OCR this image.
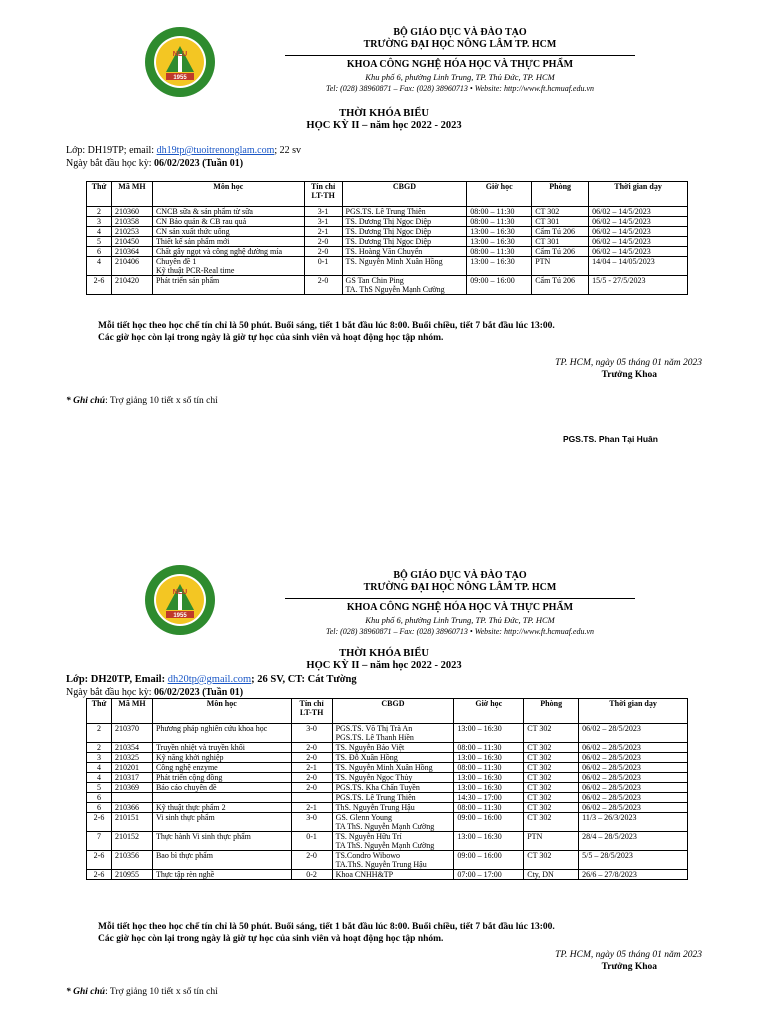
NLU
1955
BỘ GIÁO DỤC VÀ ĐÀO TẠO
TRƯỜNG ĐẠI HỌC NÔNG LÂM TP. HCM
KHOA CÔNG NGHỆ HÓA HỌC VÀ THỰC PHẨM
Khu phố 6, phường Linh Trung, TP. Thủ Đức, TP. HCM
Tel: (028) 38960871 – Fax: (028) 38960713 • Website: http://www.ft.hcmuaf.edu.vn
THỜI KHÓA BIỂU
HỌC KỲ II – năm học 2022 - 2023
Lớp: DH19TP; email: dh19tp@tuoitrenonglam.com; 22 sv
Ngày bắt đầu học kỳ: 06/02/2023 (Tuần 01)
Thứ	Mã MH	Môn học	Tín chỉ LT-TH	CBGD	Giờ học	Phòng	Thời gian dạy
2	210360	CNCB sữa & sản phẩm từ sữa	3-1	PGS.TS. Lê Trung Thiên	08:00 – 11:30	CT 302	06/02 – 14/5/2023
3	210358	CN Bảo quản & CB rau quả	3-1	TS. Dương Thị Ngọc Diệp	08:00 – 11:30	CT 301	06/02 – 14/5/2023
4	210253	CN sản xuất thức uống	2-1	TS. Dương Thị Ngọc Diệp	13:00 – 16:30	Cẩm Tú 206	06/02 – 14/5/2023
5	210450	Thiết kế sản phẩm mới	2-0	TS. Dương Thị Ngọc Diệp	13:00 – 16:30	CT 301	06/02 – 14/5/2023
6	210364	Chất gây ngọt và công nghệ đường mía	2-0	TS. Hoàng Văn Chuyển	08:00 – 11:30	Cẩm Tú 206	06/02 – 14/5/2023
4	210406	Chuyên đề 1
Kỹ thuật PCR-Real time	0-1	TS. Nguyễn Minh Xuân Hồng	13:00 – 16:30	PTN	14/04 – 14/05/2023
2-6	210420	Phát triển sản phẩm	2-0	GS Tan Chin Ping
TA. ThS Nguyễn Mạnh Cường	09:00 – 16:00	Cẩm Tú 206	15/5 - 27/5/2023
Mỗi tiết học theo học chế tín chỉ là 50 phút. Buổi sáng, tiết 1 bắt đầu lúc 8:00. Buổi chiều, tiết 7 bắt đầu lúc 13:00.
Các giờ học còn lại trong ngày là giờ tự học của sinh viên và hoạt động học tập nhóm.
TP. HCM, ngày 05 tháng 01 năm 2023
Trưởng Khoa
* Ghi chú: Trợ giảng 10 tiết x số tín chỉ
PGS.TS. Phan Tại Huân
NLU
1955
BỘ GIÁO DỤC VÀ ĐÀO TẠO
TRƯỜNG ĐẠI HỌC NÔNG LÂM TP. HCM
KHOA CÔNG NGHỆ HÓA HỌC VÀ THỰC PHẨM
Khu phố 6, phường Linh Trung, TP. Thủ Đức, TP. HCM
Tel: (028) 38960871 – Fax: (028) 38960713 • Website: http://www.ft.hcmuaf.edu.vn
THỜI KHÓA BIỂU
HỌC KỲ II – năm học 2022 - 2023
Lớp: DH20TP, Email: dh20tp@gmail.com; 26 SV, CT: Cát Tường
Ngày bắt đầu học kỳ: 06/02/2023 (Tuần 01)
Thứ	Mã MH	Môn học	Tín chỉ LT-TH	CBGD	Giờ học	Phòng	Thời gian dạy
2	210370	Phương pháp nghiên cứu khoa học	3-0	PGS.TS. Võ Thị Trà An
PGS.TS. Lê Thanh Hiền	13:00 – 16:30	CT 302	06/02 – 28/5/2023
2	210354	Truyền nhiệt và truyền khối	2-0	TS. Nguyễn Bảo Việt	08:00 – 11:30	CT 302	06/02 – 28/5/2023
3	210325	Kỹ năng khởi nghiệp	2-0	TS. Đỗ Xuân Hồng	13:00 – 16:30	CT 302	06/02 – 28/5/2023
4	210201	Công nghệ enzyme	2-1	TS. Nguyễn Minh Xuân Hồng	08:00 – 11:30	CT 302	06/02 – 28/5/2023
4	210317	Phát triển cộng đồng	2-0	TS. Nguyễn Ngọc Thủy	13:00 – 16:30	CT 302	06/02 – 28/5/2023
5	210369	Báo cáo chuyên đề	2-0	PGS.TS. Kha Chấn Tuyền	13:00 – 16:30	CT 302	06/02 – 28/5/2023
6				PGS.TS. Lê Trung Thiên	14:30 – 17:00	CT 302	06/02 – 28/5/2023
6	210366	Kỹ thuật thực phẩm 2	2-1	ThS. Nguyễn Trung Hậu	08:00 – 11:30	CT 302	06/02 – 28/5/2023
2-6	210151	Vi sinh thực phẩm	3-0	GS. Glenn Young
TA ThS. Nguyễn Mạnh Cường	09:00 – 16:00	CT 302	11/3 – 26/3/2023
7	210152	Thực hành Vi sinh thực phẩm	0-1	TS. Nguyễn Hữu Trí
TA ThS. Nguyễn Mạnh Cường	13:00 – 16:30	PTN	28/4 – 28/5/2023
2-6	210356	Bao bì thực phẩm	2-0	TS.Condro Wibowo
TA.ThS. Nguyễn Trung Hậu	09:00 – 16:00	CT 302	5/5 – 28/5/2023
2-6	210955	Thực tập rèn nghề	0-2	Khoa CNHH&TP	07:00 – 17:00	Cty, DN	26/6 – 27/8/2023
Mỗi tiết học theo học chế tín chỉ là 50 phút. Buổi sáng, tiết 1 bắt đầu lúc 8:00. Buổi chiều, tiết 7 bắt đầu lúc 13:00.
Các giờ học còn lại trong ngày là giờ tự học của sinh viên và hoạt động học tập nhóm.
TP. HCM, ngày 05 tháng 01 năm 2023
Trưởng Khoa
* Ghi chú: Trợ giảng 10 tiết x số tín chỉ
